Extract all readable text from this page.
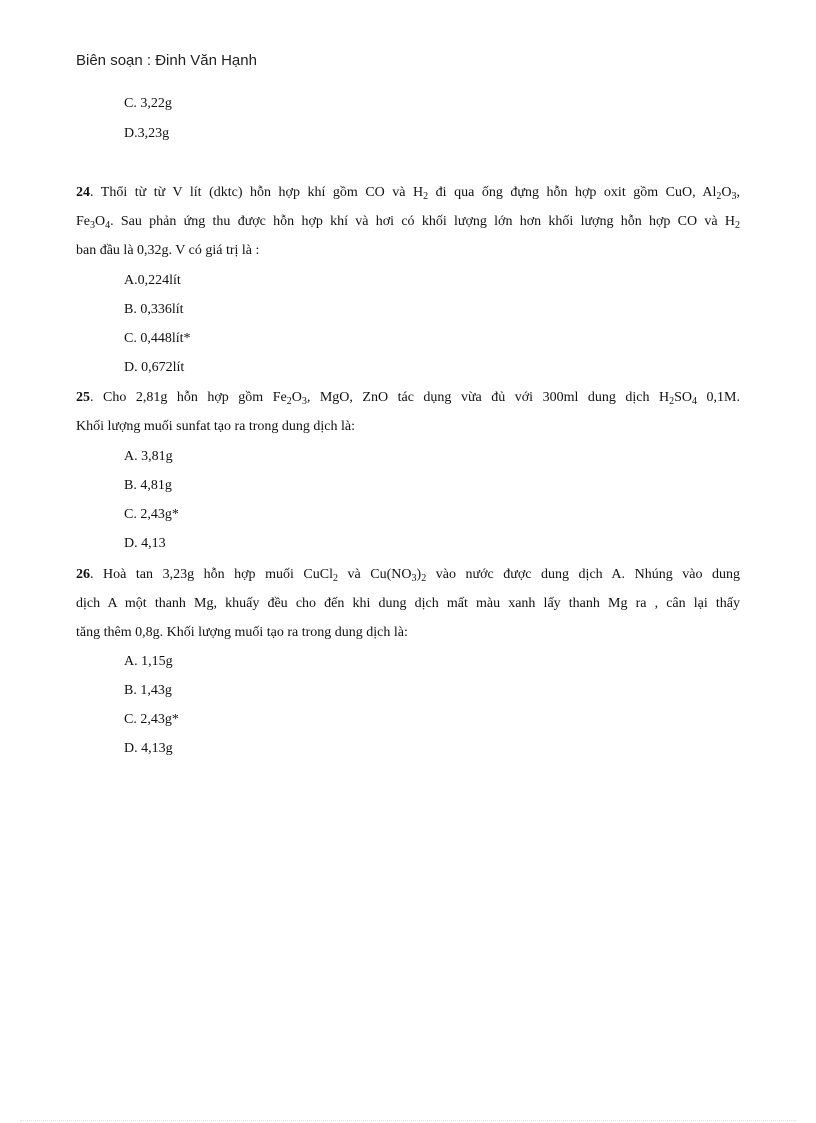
Biên soạn : Đinh Văn Hạnh
C. 3,22g
D.3,23g
24. Thổi từ từ V lít (dktc) hỗn hợp khí gồm CO và $H_2$ đi qua ống đựng hỗn hợp oxit gồm CuO, $Al_2O_3$,
$Fe_3O_4$. Sau phản ứng thu được hỗn hợp khí và hơi có khối lượng lớn hơn khối lượng hỗn hợp CO và $H_2$
ban đầu là 0,32g. V có giá trị là :
A.0,224lít
B. 0,336lít
C. 0,448lít*
D. 0,672lít
25. Cho 2,81g hỗn hợp gồm $Fe_2O_3$, MgO, ZnO tác dụng vừa đủ với 300ml dung dịch $H_2SO_4$ 0,1M.
Khối lượng muối sunfat tạo ra trong dung dịch là:
A. 3,81g
B. 4,81g
C. 2,43g*
D. 4,13
26. Hoà tan 3,23g hỗn hợp muối CuCl$_2$ và $Cu(NO_3)_2$ vào nước được dung dịch A. Nhúng vào dung
dịch A một thanh Mg, khuấy đều cho đến khi dung dịch mất màu xanh lấy thanh Mg ra , cân lại thấy
tăng thêm 0,8g. Khối lượng muối tạo ra trong dung dịch là:
A. 1,15g
B. 1,43g
C. 2,43g*
D. 4,13g
